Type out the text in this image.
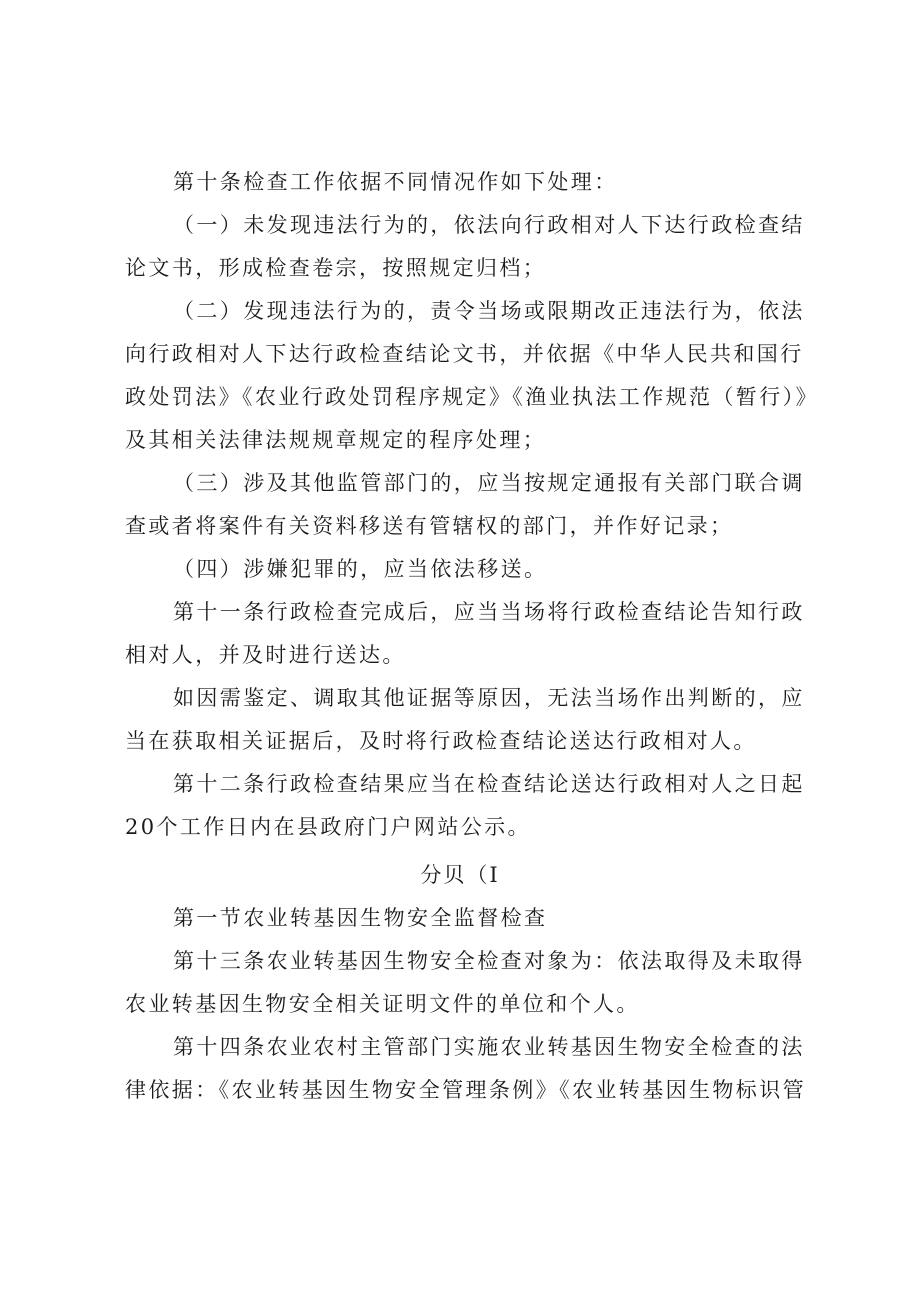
第十条检查工作依据不同情况作如下处理：

（一）未发现违法行为的，依法向行政相对人下达行政检查结论文书，形成检查卷宗，按照规定归档；

（二）发现违法行为的，责令当场或限期改正违法行为，依法向行政相对人下达行政检查结论文书，并依据《中华人民共和国行政处罚法》《农业行政处罚程序规定》《渔业执法工作规范（暂行）》及其相关法律法规规章规定的程序处理；

（三）涉及其他监管部门的，应当按规定通报有关部门联合调查或者将案件有关资料移送有管辖权的部门，并作好记录；

（四）涉嫌犯罪的，应当依法移送。

第十一条行政检查完成后，应当当场将行政检查结论告知行政相对人，并及时进行送达。

如因需鉴定、调取其他证据等原因，无法当场作出判断的，应当在获取相关证据后，及时将行政检查结论送达行政相对人。

第十二条行政检查结果应当在检查结论送达行政相对人之日起20个工作日内在县政府门户网站公示。

分贝（I

第一节农业转基因生物安全监督检查

第十三条农业转基因生物安全检查对象为：依法取得及未取得农业转基因生物安全相关证明文件的单位和个人。

第十四条农业农村主管部门实施农业转基因生物安全检查的法律依据：《农业转基因生物安全管理条例》《农业转基因生物标识管
